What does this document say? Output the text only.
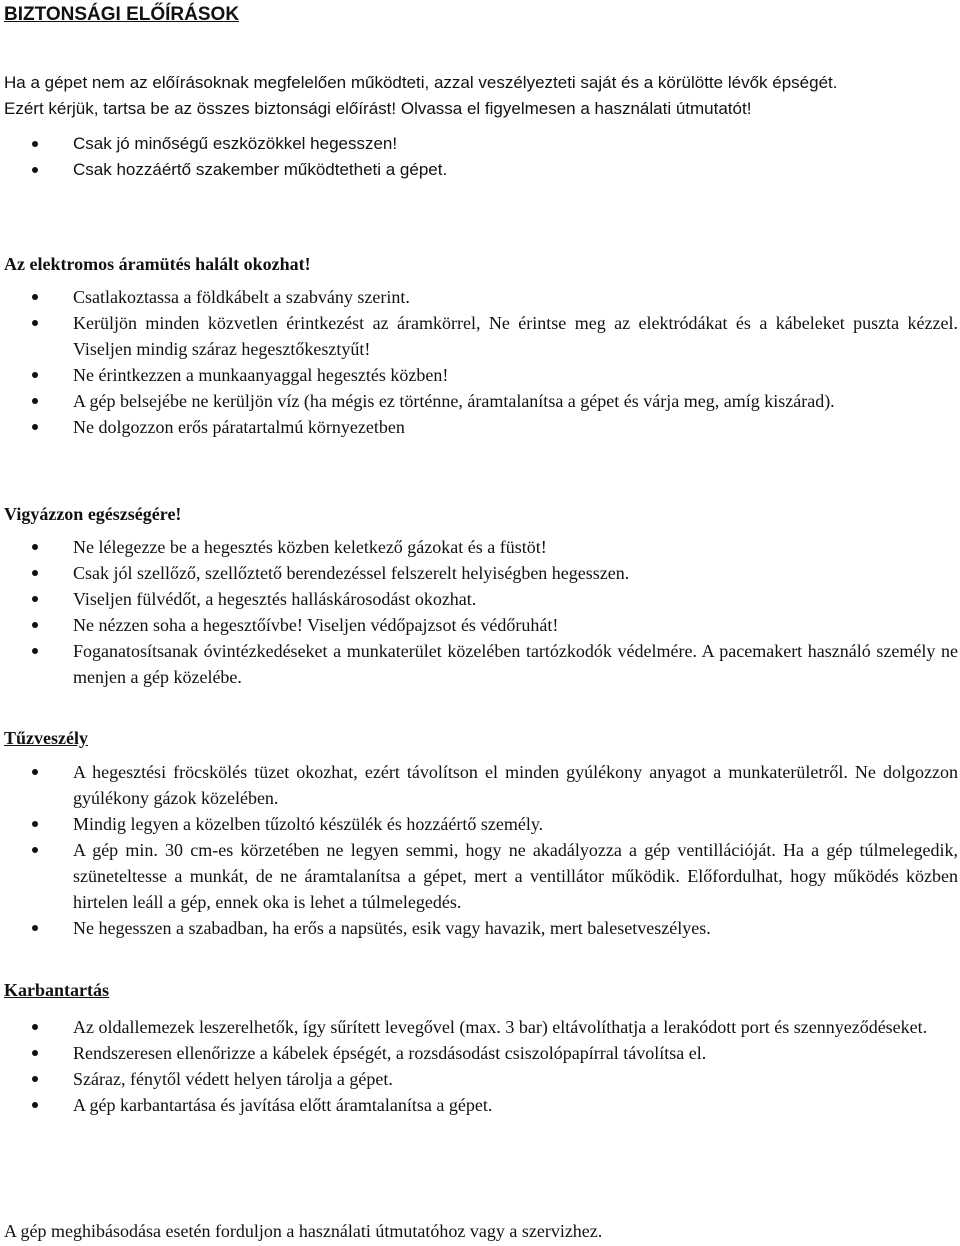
BIZTONSÁGI ELŐÍRÁSOK

Ha a gépet nem az előírásoknak megfelelően működteti, azzal veszélyezteti saját és a körülötte lévők épségét.

Ezért kérjük, tartsa be az összes biztonsági előírást! Olvassa el figyelmesen a használati útmutatót!

Csak jó minőségű eszközökkel hegesszen!
Csak hozzáértő szakember működtetheti a gépet.
Az elektromos áramütés halált okozhat!
Csatlakoztassa a földkábelt a szabvány szerint.
Kerüljön minden közvetlen érintkezést az áramkörrel, Ne érintse meg az elektródákat és a kábeleket puszta kézzel. Viseljen mindig száraz hegesztőkesztyűt!
Ne érintkezzen a munkaanyaggal hegesztés közben!
A gép belsejébe ne kerüljön víz (ha mégis ez történne, áramtalanítsa a gépet és várja meg, amíg kiszárad).
Ne dolgozzon erős páratartalmú környezetben
Vigyázzon egészségére!
Ne lélegezze be a hegesztés közben keletkező gázokat és a füstöt!
Csak jól szellőző, szellőztető berendezéssel felszerelt helyiségben hegesszen.
Viseljen fülvédőt, a hegesztés halláskárosodást okozhat.
Ne nézzen soha a hegesztőívbe! Viseljen védőpajzsot és védőruhát!
Foganatosítsanak óvintézkedéseket a munkaterület közelében tartózkodók védelmére. A pacemakert használó személy ne menjen a gép közelébe.
Tűzveszély
A hegesztési fröcskölés tüzet okozhat, ezért távolítson el minden gyúlékony anyagot a munkaterületről. Ne dolgozzon gyúlékony gázok közelében.
Mindig legyen a közelben tűzoltó készülék és hozzáértő személy.
A gép min. 30 cm-es körzetében ne legyen semmi, hogy ne akadályozza a gép ventillációját. Ha a gép túlmelegedik, szüneteltesse a munkát, de ne áramtalanítsa a gépet, mert a ventillátor működik. Előfordulhat, hogy működés közben hirtelen leáll a gép, ennek oka is lehet a túlmelegedés.
Ne hegesszen a szabadban, ha erős a napsütés, esik vagy havazik, mert balesetveszélyes.
Karbantartás
Az oldallemezek leszerelhetők, így sűrített levegővel (max. 3 bar) eltávolíthatja a lerakódott port és szennyeződéseket.
Rendszeresen ellenőrizze a kábelek épségét, a rozsdásodást csiszolópapírral távolítsa el.
Száraz, fénytől védett helyen tárolja a gépet.
A gép karbantartása és javítása előtt áramtalanítsa a gépet.

A gép meghibásodása esetén forduljon a használati útmutatóhoz vagy a szervizhez.
